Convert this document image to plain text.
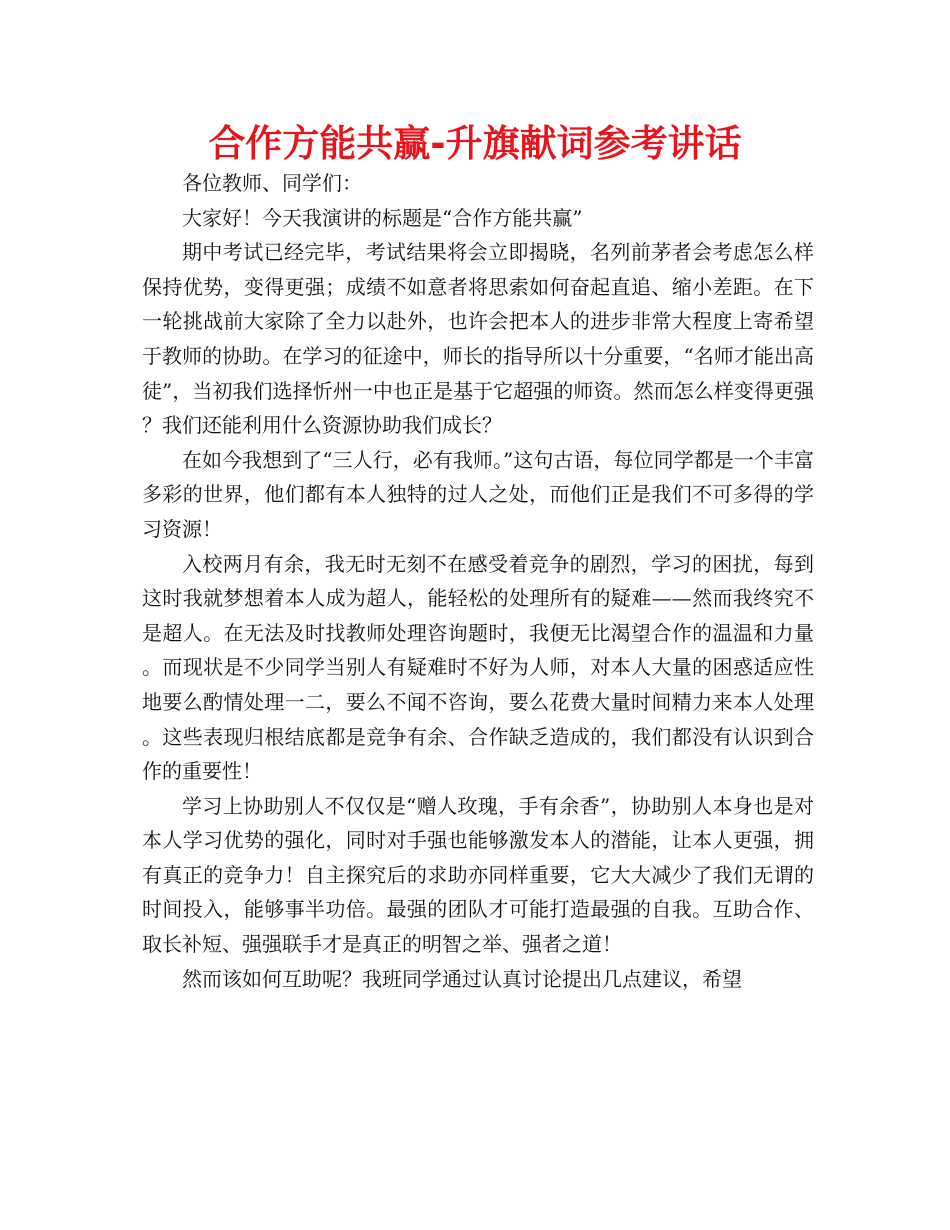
合作方能共赢-升旗献词参考讲话

各位教师、同学们：

大家好！今天我演讲的标题是“合作方能共赢”

期中考试已经完毕，考试结果将会立即揭晓，名列前茅者会考虑怎么样保持优势，变得更强；成绩不如意者将思索如何奋起直追、缩小差距。在下一轮挑战前大家除了全力以赴外，也许会把本人的进步非常大程度上寄希望于教师的协助。在学习的征途中，师长的指导所以十分重要，“名师才能出高徒”，当初我们选择忻州一中也正是基于它超强的师资。然而怎么样变得更强？我们还能利用什么资源协助我们成长？

在如今我想到了“三人行，必有我师。”这句古语，每位同学都是一个丰富多彩的世界，他们都有本人独特的过人之处，而他们正是我们不可多得的学习资源！

入校两月有余，我无时无刻不在感受着竞争的剧烈，学习的困扰，每到这时我就梦想着本人成为超人，能轻松的处理所有的疑难——然而我终究不是超人。在无法及时找教师处理咨询题时，我便无比渴望合作的温温和力量。而现状是不少同学当别人有疑难时不好为人师，对本人大量的困惑适应性地要么酌情处理一二，要么不闻不咨询，要么花费大量时间精力来本人处理。这些表现归根结底都是竞争有余、合作缺乏造成的，我们都没有认识到合作的重要性！

学习上协助别人不仅仅是“赠人玫瑰，手有余香”，协助别人本身也是对本人学习优势的强化，同时对手强也能够激发本人的潜能，让本人更强，拥有真正的竞争力！自主探究后的求助亦同样重要，它大大减少了我们无谓的时间投入，能够事半功倍。最强的团队才可能打造最强的自我。互助合作、取长补短、强强联手才是真正的明智之举、强者之道！

然而该如何互助呢？我班同学通过认真讨论提出几点建议，希望
